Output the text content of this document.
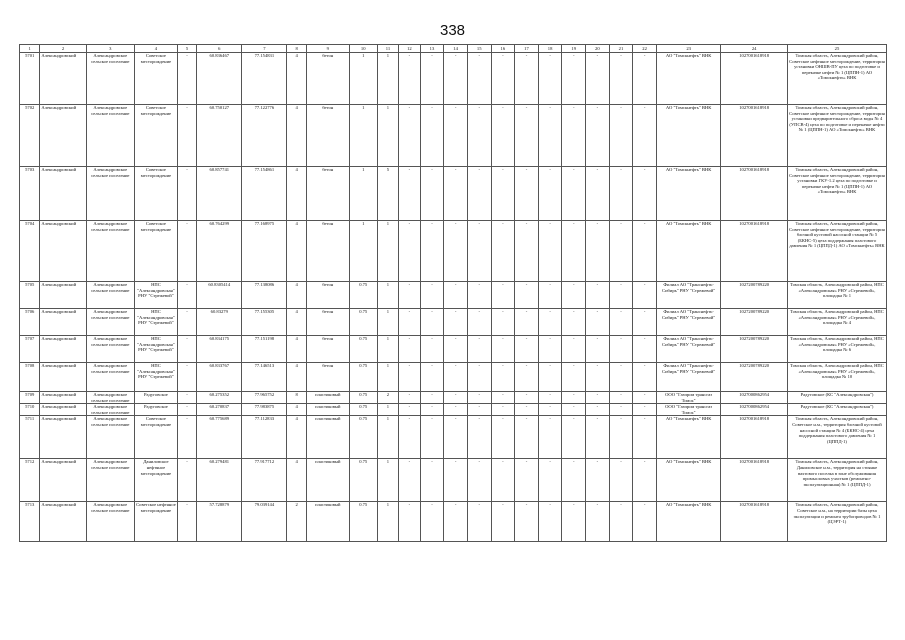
338
1	2	3	4	5	6	7	8	9	10	11	12	13	14	15	16	17	18	19	20	21	22	23	24	25
5701	Александровский	Александровское сельское поселение	Советское месторождение	-	60.836467	77.154831	4	бетон	1	1	-	-	-	-	-	-	-	-	-	-	-	АО "Томскнефть" ВНК	1027001618918	Томская область, Александровский район, Советское нефтяное месторождение, территория установки ОНШВ-ПУ цеха по подготовке и перекачке нефти № 1 (ЦППН-1) АО «Томскнефть» ВНК
5702	Александровский	Александровское сельское поселение	Советское месторождение	-	60.750127	77.122776	4	бетон	1	1	-	-	-	-	-	-	-	-	-	-	-	АО "Томскнефть" ВНК	1027001618918	Томская область, Александровский район, Советское нефтяное месторождение, территория установки предварительного сброса воды № 4 (УПСВ-4) цеха по подготовке и перекачке нефти № 1 (ЦППН-1) АО «Томскнефть» ВНК
5703	Александровский	Александровское сельское поселение	Советское месторождение	-	60.857741	77.154861	4	бетон	1	5	-	-	-	-	-	-	-	-	-	-	-	АО "Томскнефть" ВНК	1027001618918	Томская область, Александровский район, Советское нефтяное месторождение, территория установки ГКУ-1.2 цеха по подготовке и перекачке нефти № 1 (ЦППН-1) АО «Томскнефть» ВНК
5704	Александровский	Александровское сельское поселение	Советское месторождение	-	60.764299	77.168975	4	бетон	1	1	-	-	-	-	-	-	-	-	-	-	-	АО "Томскнефть" ВНК	1027001618918	Томская область, Александровский район, Советское нефтяное месторождение, территория блочной кустовой насосной станции № 5 (БКНС-5) цеха поддержания пластового давления № 1 (ЦППД-1) АО «Томскнефть» ВНК
5705	Александровский	Александровское сельское поселение	НПС "Александровская" РНУ "Стрежевой"	-	60.8305414	77.138086	4	бетон	0.75	1	-	-	-	-	-	-	-	-	-	-	-	Филиал АО "Транснефть-Сибирь" РНУ "Стрежевой"	1027200789220	Томская область, Александровский район, НПС «Александровская» РНУ «Стрежевой», площадка № 1
5706	Александровский	Александровское сельское поселение	НПС "Александровская" РНУ "Стрежевой"	-	60.83279	77.155305	4	бетон	0.75	1	-	-	-	-	-	-	-	-	-	-	-	Филиал АО "Транснефть-Сибирь" РНУ "Стрежевой"	1027200789220	Томская область, Александровский район, НПС «Александровская» РНУ «Стрежевой», площадка № 4
5707	Александровский	Александровское сельское поселение	НПС "Александровская" РНУ "Стрежевой"	-	60.834175	77.151198	4	бетон	0.75	1	-	-	-	-	-	-	-	-	-	-	-	Филиал АО "Транснефть-Сибирь" РНУ "Стрежевой"	1027200789220	Томская область, Александровский район, НПС «Александровская» РНУ «Стрежевой», площадка № 6
5708	Александровский	Александровское сельское поселение	НПС "Александровская" РНУ "Стрежевой"	-	60.833767	77.146513	4	бетон	0.75	1	-	-	-	-	-	-	-	-	-	-	-	Филиал АО "Транснефть-Сибирь" РНУ "Стрежевой"	1027200789220	Томская область, Александровский район, НПС «Александровская» РНУ «Стрежевой», площадка № 10
5709	Александровский	Александровское сельское поселение	Радуговское	-	60.275352	77.965752	8	пластиковый	0.75	2	-	-	-	-	-	-	-	-	-	-	-	ООО "Газпром трансгаз Томск"	1027000862954	Радуговское (КС "Александровская")
5710	Александровский	Александровское сельское поселение	Радуговское	-	60.270837	77.983875	4	пластиковый	0.75	1	-	-	-	-	-	-	-	-	-	-	-	ООО "Газпром трансгаз Томск"	1027000862954	Радуговское (КС "Александровская")
5711	Александровский	Александровское сельское поселение	Советское месторождение	-	60.775689	77.112833	4	пластиковый	0.75	1	-	-	-	-	-	-	-	-	-	-	-	АО "Томскнефть" ВНК	1027001618918	Томская область, Александровский район, Советское н.м., территория блочной кустовой насосной станции № 4 (БКНС-4) цеха поддержания пластового давления № 1 (ЦППД-1)
5712	Александровский	Александровское сельское поселение	Даниловское нефтяное месторождение	-	60.279481	77.917712	4	пластиковый	0.75	1	-	-	-	-	-	-	-	-	-	-	-	АО "Томскнефть" ВНК	1027001618918	Томская область, Александровский район, Даниловское н.м., территория на стоянке вахтового поселка в зоне обслуживания промысловых участков (ремонтно-эксплуатационная) № 1 (ЦППД-1)
5713	Александровский	Александровское сельское поселение	Советское нефтяное месторождение	-	57.728879	79.039144	2	пластиковый	0.75	1	-	-	-	-	-	-	-	-	-	-	-	АО "Томскнефть" ВНК	1027001618918	Томская область, Александровский район, Советское н.м., на территории базы цеха эксплуатации и ремонта трубопроводов № 1 (ЦЭРТ-1)
